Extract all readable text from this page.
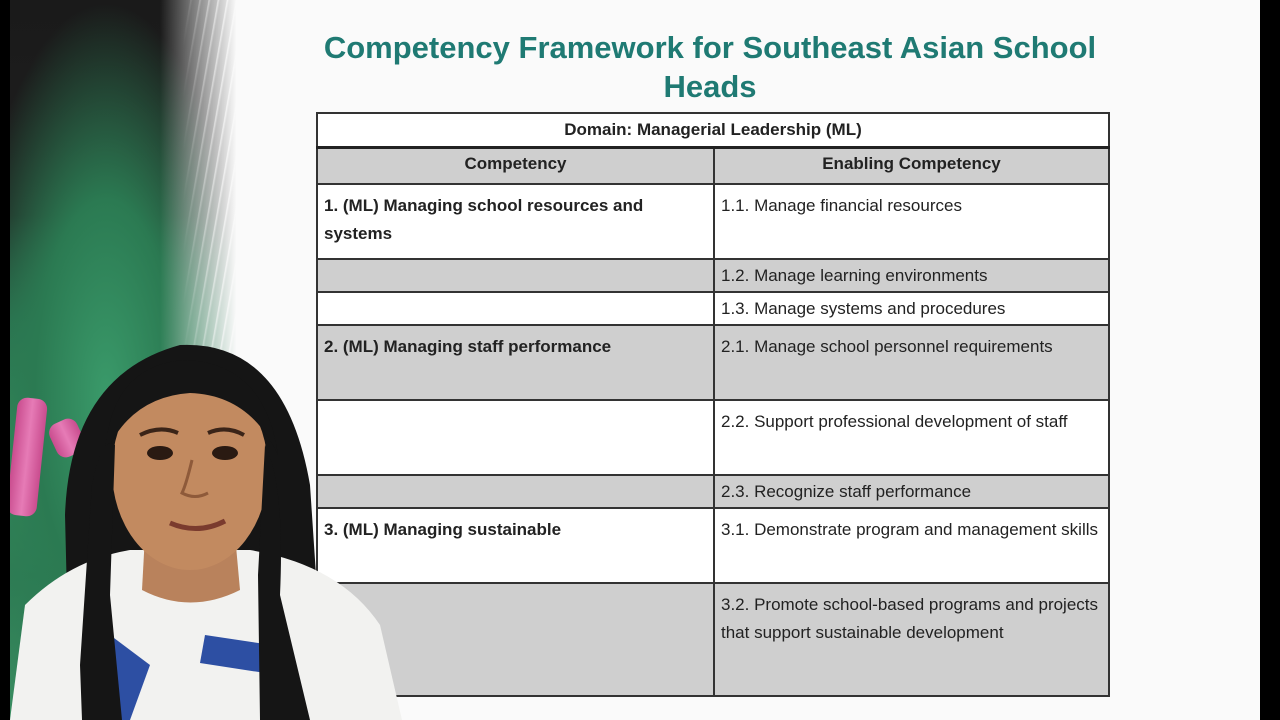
Competency Framework for Southeast Asian School Heads
Domain: Managerial Leadership (ML)	
Competency	Enabling Competency
1. (ML) Managing school resources and systems	1.1. Manage financial resources
	1.2. Manage learning environments
	1.3. Manage systems and procedures
2. (ML) Managing staff performance	2.1. Manage school personnel requirements
	2.2. Support professional development of staff
	2.3. Recognize staff performance
3. (ML) Managing sustainable	3.1. Demonstrate program and management skills
	3.2. Promote school-based programs and projects that support sustainable development
